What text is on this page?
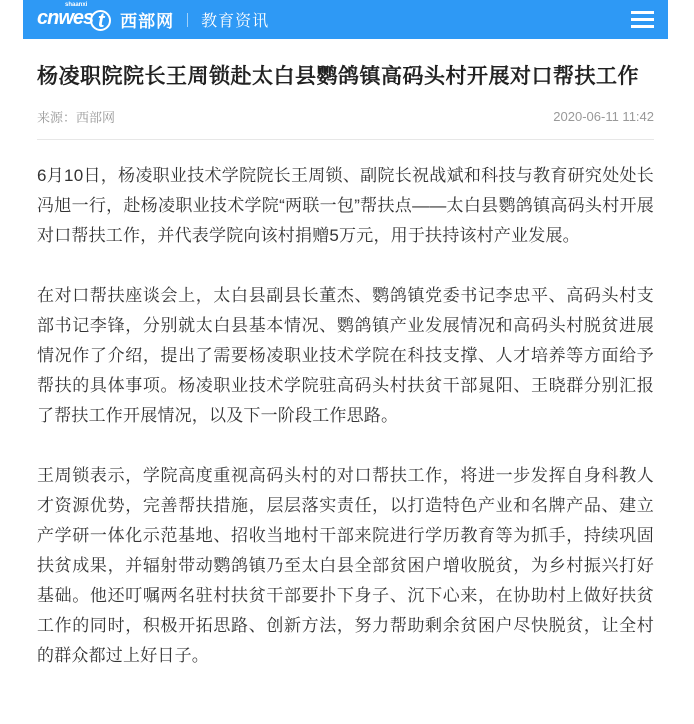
shaanxi
cnwes t 西部网 教育资讯
杨凌职院院长王周锁赴太白县鹦鸽镇高码头村开展对口帮扶工作
来源：西部网	2020-06-11 11:42

6月10日，杨凌职业技术学院院长王周锁、副院长祝战斌和科技与教育研究处处长冯旭一行，赴杨凌职业技术学院“两联一包”帮扶点——太白县鹦鸽镇高码头村开展对口帮扶工作，并代表学院向该村捐赠5万元，用于扶持该村产业发展。

在对口帮扶座谈会上，太白县副县长董杰、鹦鸽镇党委书记李忠平、高码头村支部书记李锋，分别就太白县基本情况、鹦鸽镇产业发展情况和高码头村脱贫进展情况作了介绍，提出了需要杨凌职业技术学院在科技支撑、人才培养等方面给予帮扶的具体事项。杨凌职业技术学院驻高码头村扶贫干部晁阳、王晓群分别汇报了帮扶工作开展情况，以及下一阶段工作思路。

王周锁表示，学院高度重视高码头村的对口帮扶工作，将进一步发挥自身科教人才资源优势，完善帮扶措施，层层落实责任，以打造特色产业和名牌产品、建立产学研一体化示范基地、招收当地村干部来院进行学历教育等为抓手，持续巩固扶贫成果，并辐射带动鹦鸽镇乃至太白县全部贫困户增收脱贫，为乡村振兴打好基础。他还叮嘱两名驻村扶贫干部要扑下身子、沉下心来，在协助村上做好扶贫工作的同时，积极开拓思路、创新方法，努力帮助剩余贫困户尽快脱贫，让全村的群众都过上好日子。
